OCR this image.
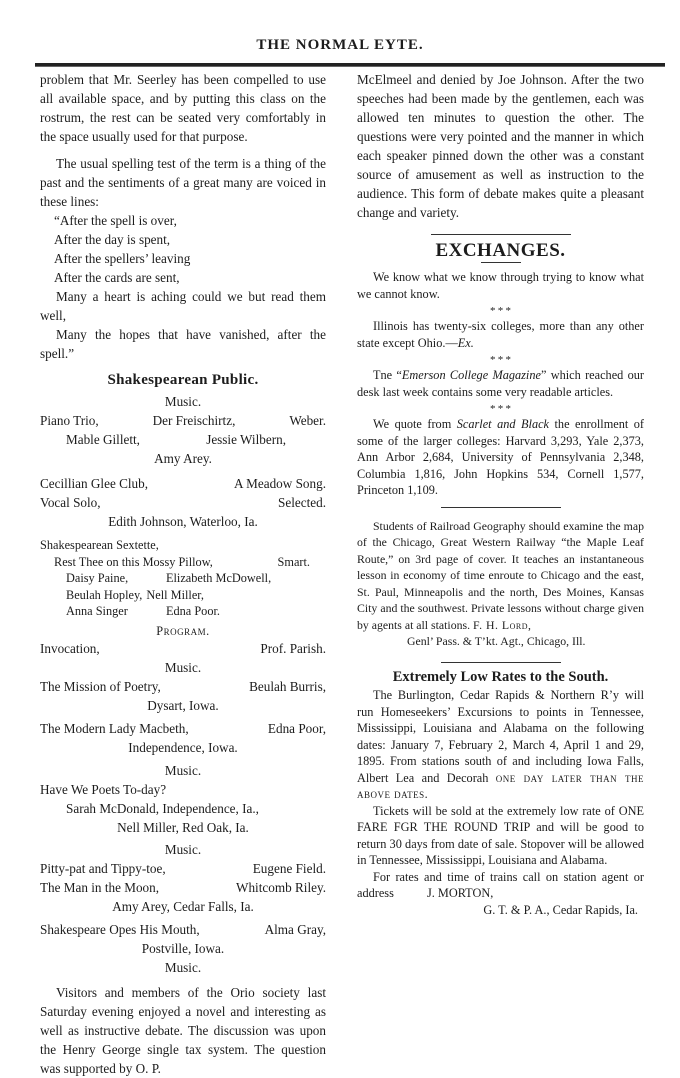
THE NORMAL EYTE.

problem that Mr. Seerley has been compelled to use all available space, and by putting this class on the rostrum, the rest can be seated very comfortably in the space usually used for that purpose.

The usual spelling test of the term is a thing of the past and the sentiments of a great many are voiced in these lines:

“After the spell is over,
After the day is spent,
After the spellers’ leaving
After the cards are sent,

Many a heart is aching could we but read them well,

Many the hopes that have vanished, after the spell.”

Shakespearean Public.
Music.
Piano Trio,	Der Freischirtz,	Weber.
Mable Gillett,	Jessie Wilbern,
Amy Arey.
Cecillian Glee Club,	A Meadow Song.
Vocal Solo,	Selected.
Edith Johnson, Waterloo, Ia.
Shakespearean Sextette,
Rest Thee on this Mossy Pillow,	Smart.
Daisy Paine,	Elizabeth McDowell,
Beulah Hopley, Nell Miller,
Anna Singer	Edna Poor.
Program.
Invocation,	Prof. Parish.
Music.
The Mission of Poetry,	Beulah Burris,
Dysart, Iowa.
The Modern Lady Macbeth,	Edna Poor,
Independence, Iowa.
Music.
Have We Poets To-day?
Sarah McDonald, Independence, Ia.,
Nell Miller, Red Oak, Ia.
Music.
Pitty-pat and Tippy-toe,	Eugene Field.
The Man in the Moon,	Whitcomb Riley.
Amy Arey, Cedar Falls, Ia.
Shakespeare Opes His Mouth,	Alma Gray,
Postville, Iowa.
Music.

Visitors and members of the Orio society last Saturday evening enjoyed a novel and interesting as well as instructive debate. The discussion was upon the Henry George single tax system. The question was supported by O. P.

McElmeel and denied by Joe Johnson. After the two speeches had been made by the gentlemen, each was allowed ten minutes to question the other. The questions were very pointed and the manner in which each speaker pinned down the other was a constant source of amusement as well as instruction to the audience. This form of debate makes quite a pleasant change and variety.

EXCHANGES.

We know what we know through trying to know what we cannot know.

* * *

Illinois has twenty-six colleges, more than any other state except Ohio.—Ex.

* * *

Tne “Emerson College Magazine” which reached our desk last week contains some very readable articles.

* * *

We quote from Scarlet and Black the enrollment of some of the larger colleges: Harvard 3,293, Yale 2,373, Ann Arbor 2,684, University of Pennsylvania 2,348, Columbia 1,816, John Hopkins 534, Cornell 1,577, Princeton 1,109.

Students of Railroad Geography should examine the map of the Chicago, Great Western Railway “the Maple Leaf Route,” on 3rd page of cover. It teaches an instantaneous lesson in economy of time enroute to Chicago and the east, St. Paul, Minneapolis and the north, Des Moines, Kansas City and the southwest. Private lessons without charge given by agents at all stations. F. H. Lord,

Genl’ Pass. & T’kt. Agt., Chicago, Ill.
Extremely Low Rates to the South.

The Burlington, Cedar Rapids & Northern R’y will run Homeseekers’ Excursions to points in Tennessee, Mississippi, Louisiana and Alabama on the following dates: January 7, February 2, March 4, April 1 and 29, 1895. From stations south of and including Iowa Falls, Albert Lea and Decorah one day later than the above dates.

Tickets will be sold at the extremely low rate of ONE FARE FGR THE ROUND TRIP and will be good to return 30 days from date of sale. Stopover will be allowed in Tennessee, Mississippi, Louisiana and Alabama.

For rates and time of trains call on station agent or address	J. MORTON,

G. T. & P. A., Cedar Rapids, Ia.
